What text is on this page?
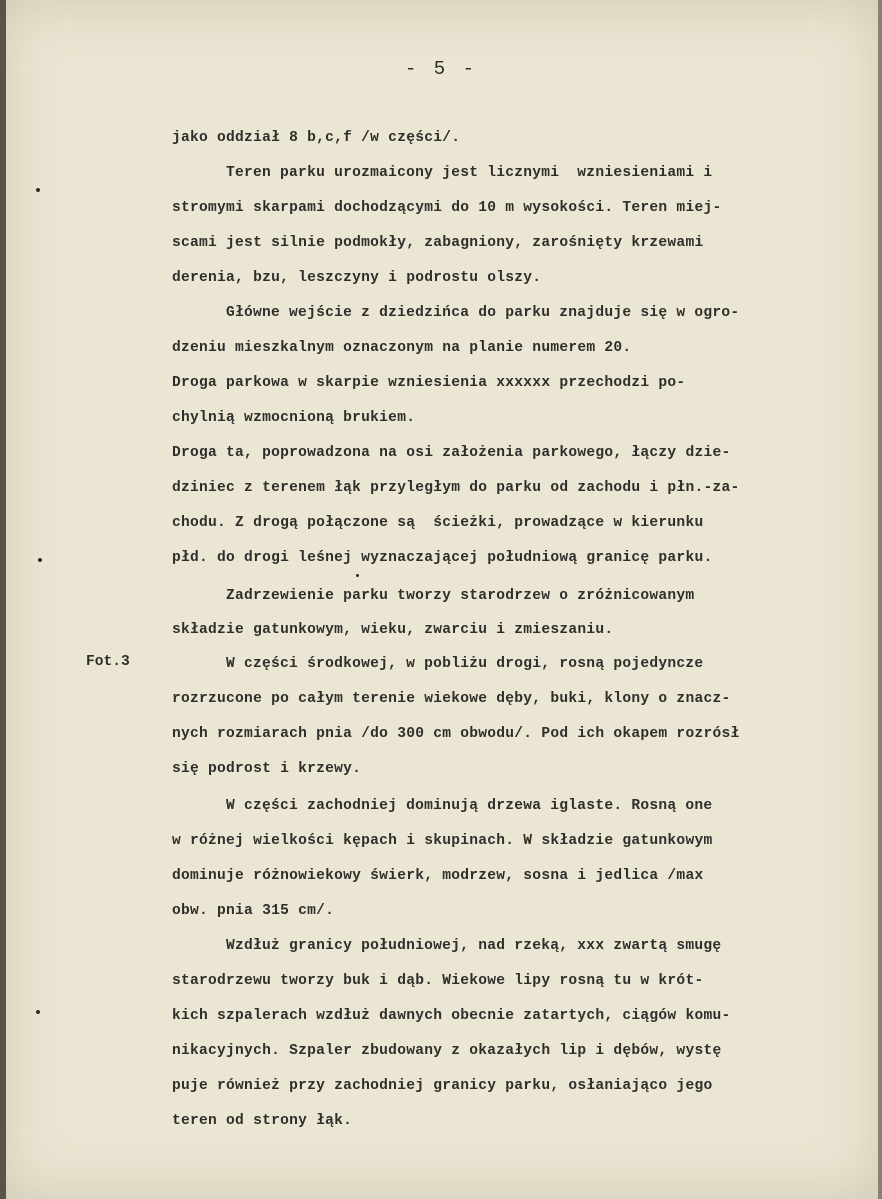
- 5 -
Fot.3
jako oddział 8 b,c,f /w części/.
Teren parku urozmaicony jest licznymi  wzniesieniami i
stromymi skarpami dochodzącymi do 10 m wysokości. Teren miej-
scami jest silnie podmokły, zabagniony, zarośnięty krzewami
derenia, bzu, leszczyny i podrostu olszy.
Główne wejście z dziedzińca do parku znajduje się w ogro-
dzeniu mieszkalnym oznaczonym na planie numerem 20.
Droga parkowa w skarpie wzniesienia xxxxxx przechodzi po-
chylnią wzmocnioną brukiem.
Droga ta, poprowadzona na osi założenia parkowego, łączy dzie-
dziniec z terenem łąk przyległym do parku od zachodu i płn.-za-
chodu. Z drogą połączone są  ścieżki, prowadzące w kierunku
płd. do drogi leśnej wyznaczającej południową granicę parku.
Zadrzewienie parku tworzy starodrzew o zróżnicowanym
składzie gatunkowym, wieku, zwarciu i zmieszaniu.
W części środkowej, w pobliżu drogi, rosną pojedyncze
rozrzucone po całym terenie wiekowe dęby, buki, klony o znacz-
nych rozmiarach pnia /do 300 cm obwodu/. Pod ich okapem rozrósł
się podrost i krzewy.
W części zachodniej dominują drzewa iglaste. Rosną one
w różnej wielkości kępach i skupinach. W składzie gatunkowym
dominuje różnowiekowy świerk, modrzew, sosna i jedlica /max
obw. pnia 315 cm/.
Wzdłuż granicy południowej, nad rzeką, xxx zwartą smugę
starodrzewu tworzy buk i dąb. Wiekowe lipy rosną tu w krót-
kich szpalerach wzdłuż dawnych obecnie zatartych, ciągów komu-
nikacyjnych. Szpaler zbudowany z okazałych lip i dębów, wystę
puje również przy zachodniej granicy parku, osłaniająco jego
teren od strony łąk.
